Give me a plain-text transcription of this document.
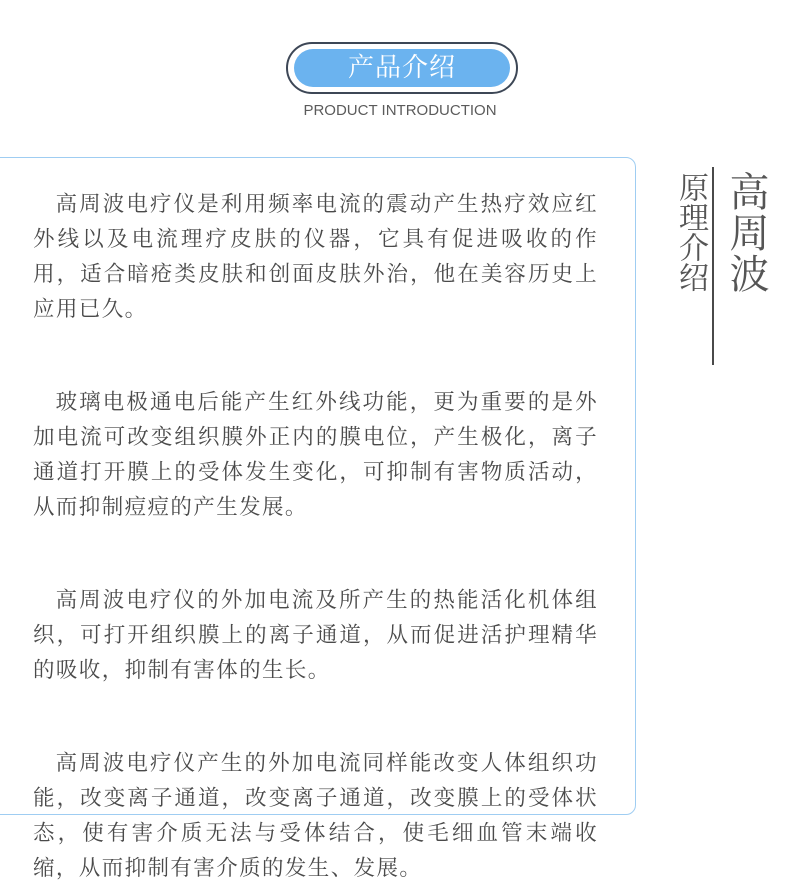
产品介绍
PRODUCT INTRODUCTION

高周波电疗仪是利用频率电流的震动产生热疗效应红外线以及电流理疗皮肤的仪器，它具有促进吸收的作用，适合暗疮类皮肤和创面皮肤外治，他在美容历史上应用已久。

玻璃电极通电后能产生红外线功能，更为重要的是外加电流可改变组织膜外正内的膜电位，产生极化，离子通道打开膜上的受体发生变化，可抑制有害物质活动，从而抑制痘痘的产生发展。

高周波电疗仪的外加电流及所产生的热能活化机体组织，可打开组织膜上的离子通道，从而促进活护理精华的吸收，抑制有害体的生长。

高周波电疗仪产生的外加电流同样能改变人体组织功能，改变离子通道，改变离子通道，改变膜上的受体状态，使有害介质无法与受体结合，使毛细血管末端收缩，从而抑制有害介质的发生、发展。

原理介绍 高周波
